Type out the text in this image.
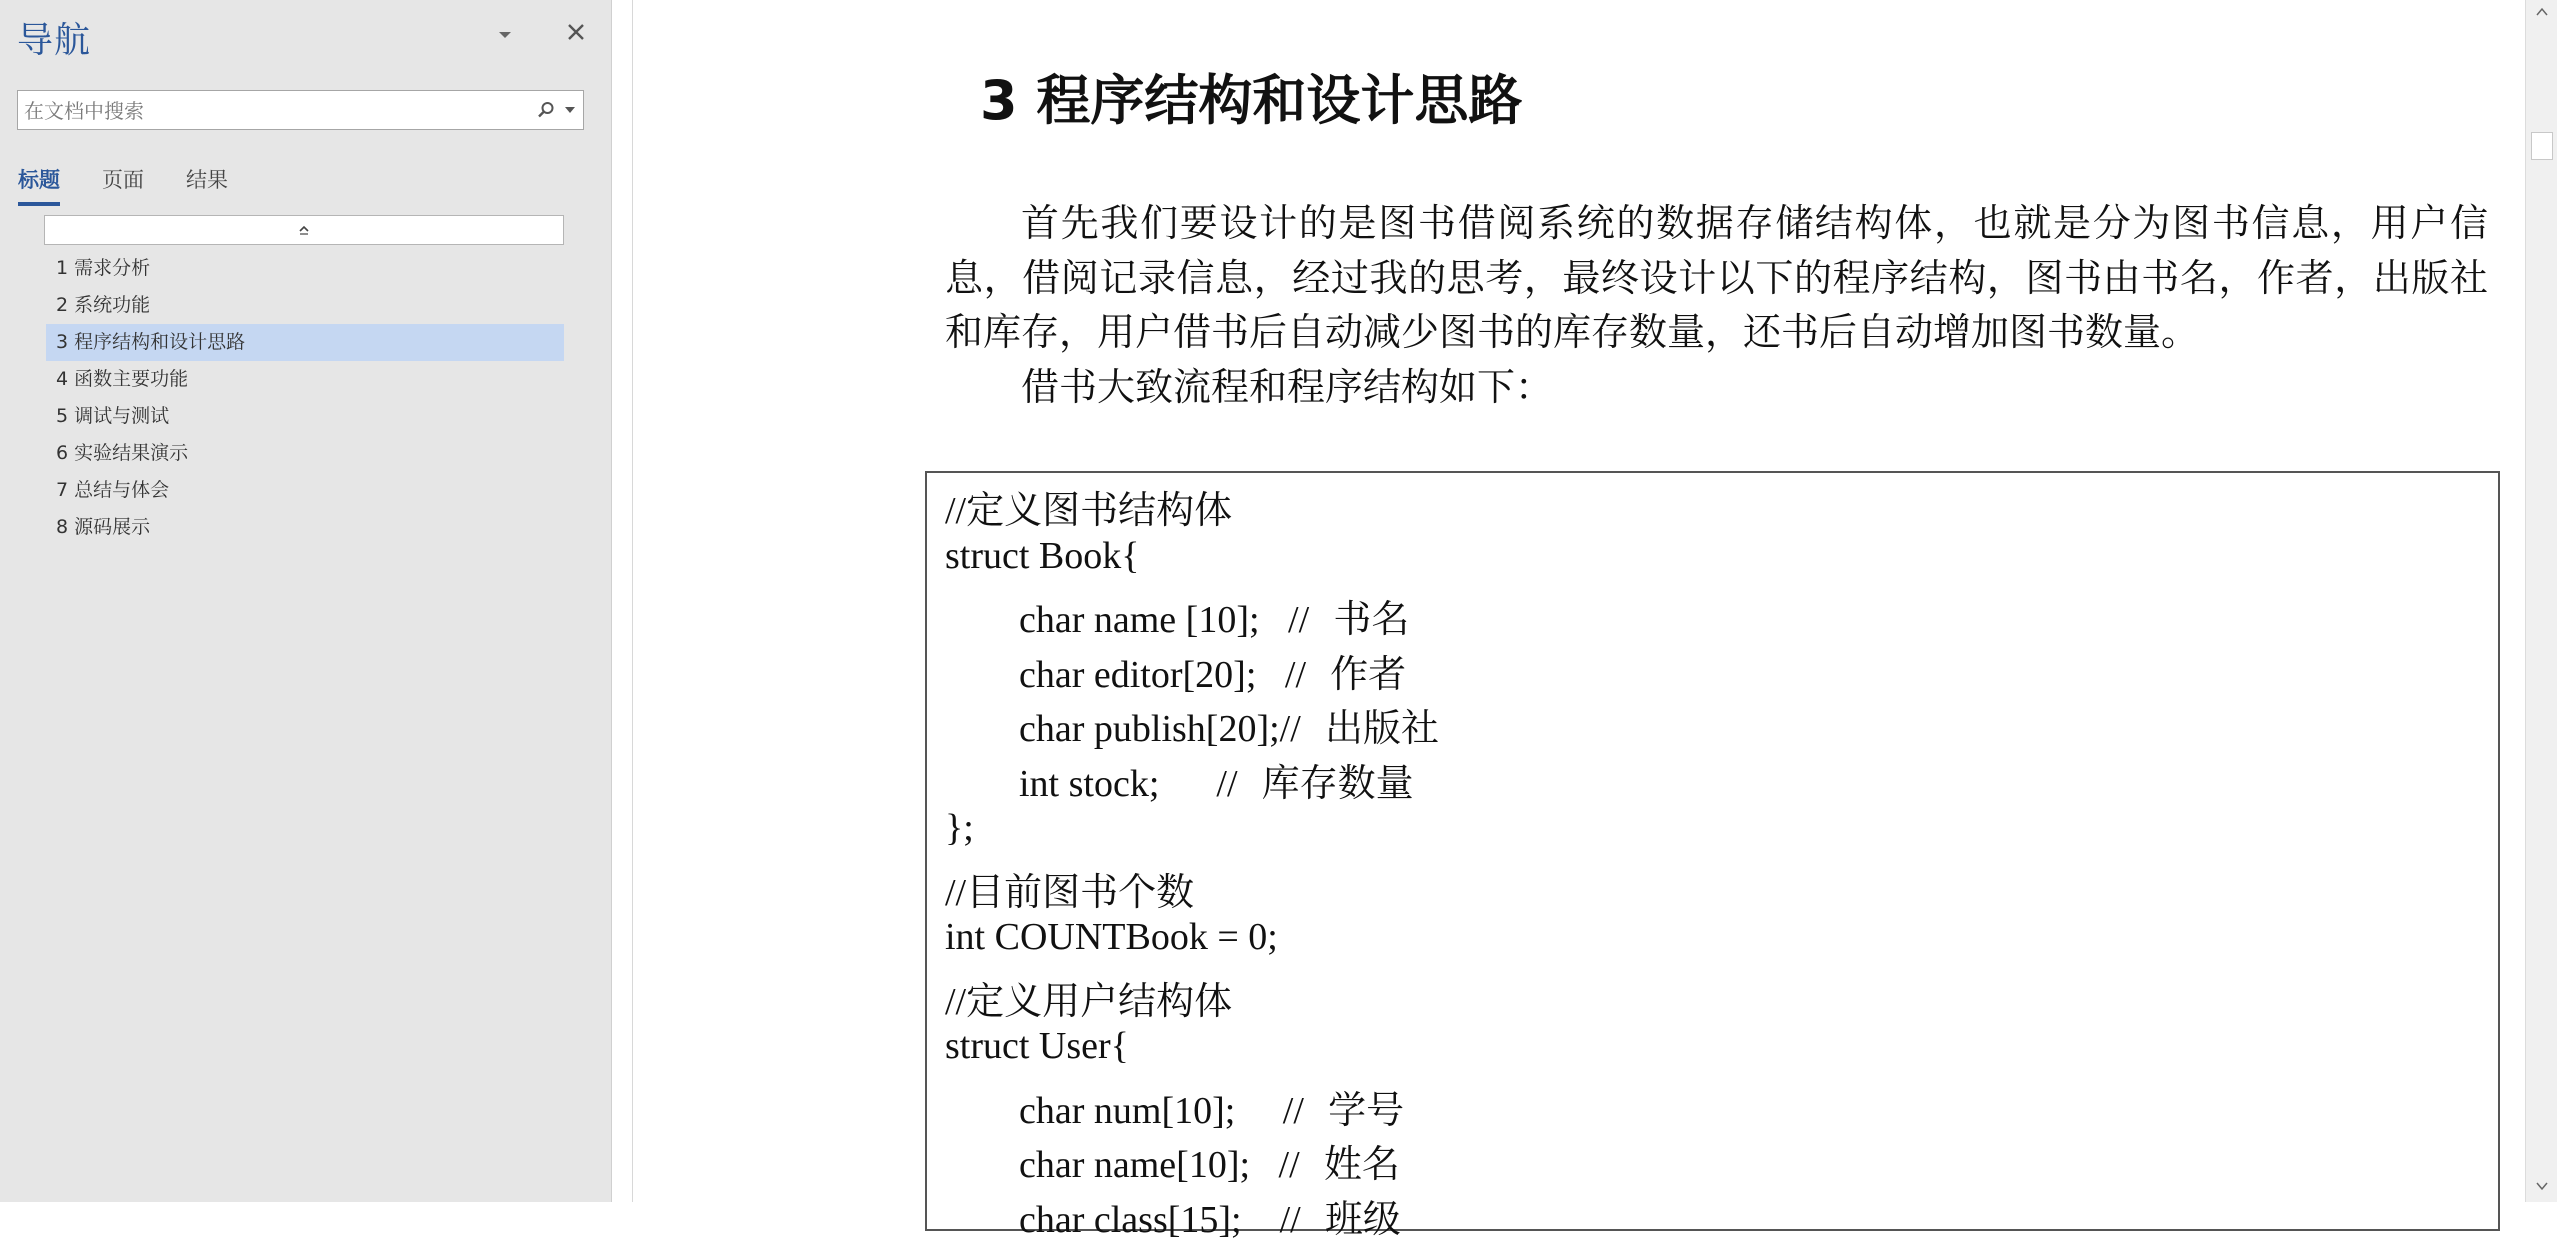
导航
在文档中搜索
标题 页面 结果
1 需求分析
2 系统功能
3 程序结构和设计思路
4 函数主要功能
5 调试与测试
6 实验结果演示
7 总结与体会
8 源码展示
3 程序结构和设计思路

首先我们要设计的是图书借阅系统的数据存储结构体，也就是分为图书信息，用户信息，借阅记录信息，经过我的思考，最终设计以下的程序结构，图书由书名，作者，出版社和库存，用户借书后自动减少图书的库存数量，还书后自动增加图书数量。

借书大致流程和程序结构如下：

//定义图书结构体
struct Book{
char name [10];   //  书名
char editor[20];   //  作者
char publish[20];//  出版社
int stock;      //  库存数量
};
//目前图书个数
int COUNTBook = 0;
//定义用户结构体
struct User{
char num[10];     //  学号
char name[10];   //  姓名
char class[15];    //  班级
